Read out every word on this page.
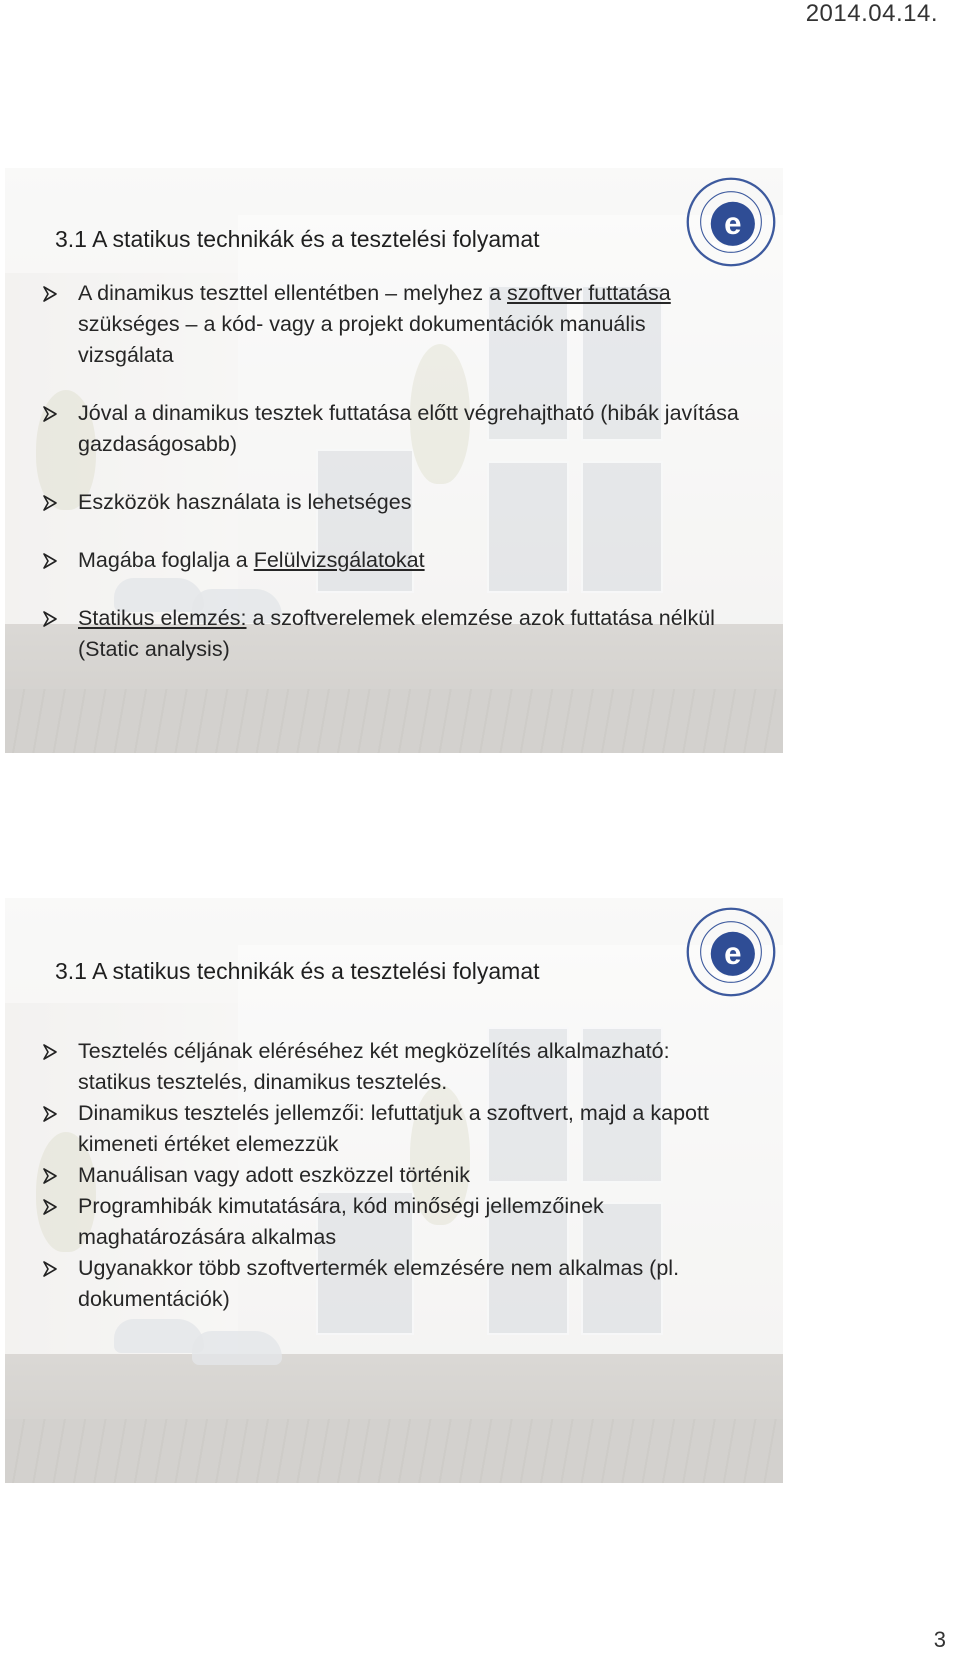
2014.04.14.
e
3.1 A statikus technikák és a tesztelési folyamat
A dinamikus teszttel ellentétben – melyhez a szoftver futtatása szükséges – a kód- vagy a projekt dokumentációk manuális vizsgálata
Jóval a dinamikus tesztek futtatása előtt végrehajtható (hibák javítása gazdaságosabb)
Eszközök használata is lehetséges
Magába foglalja a Felülvizsgálatokat
Statikus elemzés: a szoftverelemek elemzése azok futtatása nélkül (Static analysis)
e
3.1 A statikus technikák és a tesztelési folyamat
Tesztelés céljának eléréséhez két megközelítés alkalmazható: statikus tesztelés, dinamikus tesztelés.
Dinamikus tesztelés jellemzői: lefuttatjuk a szoftvert, majd a kapott kimeneti értéket elemezzük
Manuálisan vagy adott eszközzel történik
Programhibák kimutatására, kód minőségi jellemzőinek maghatározására alkalmas
Ugyanakkor több szoftvertermék elemzésére nem alkalmas (pl. dokumentációk)
3
